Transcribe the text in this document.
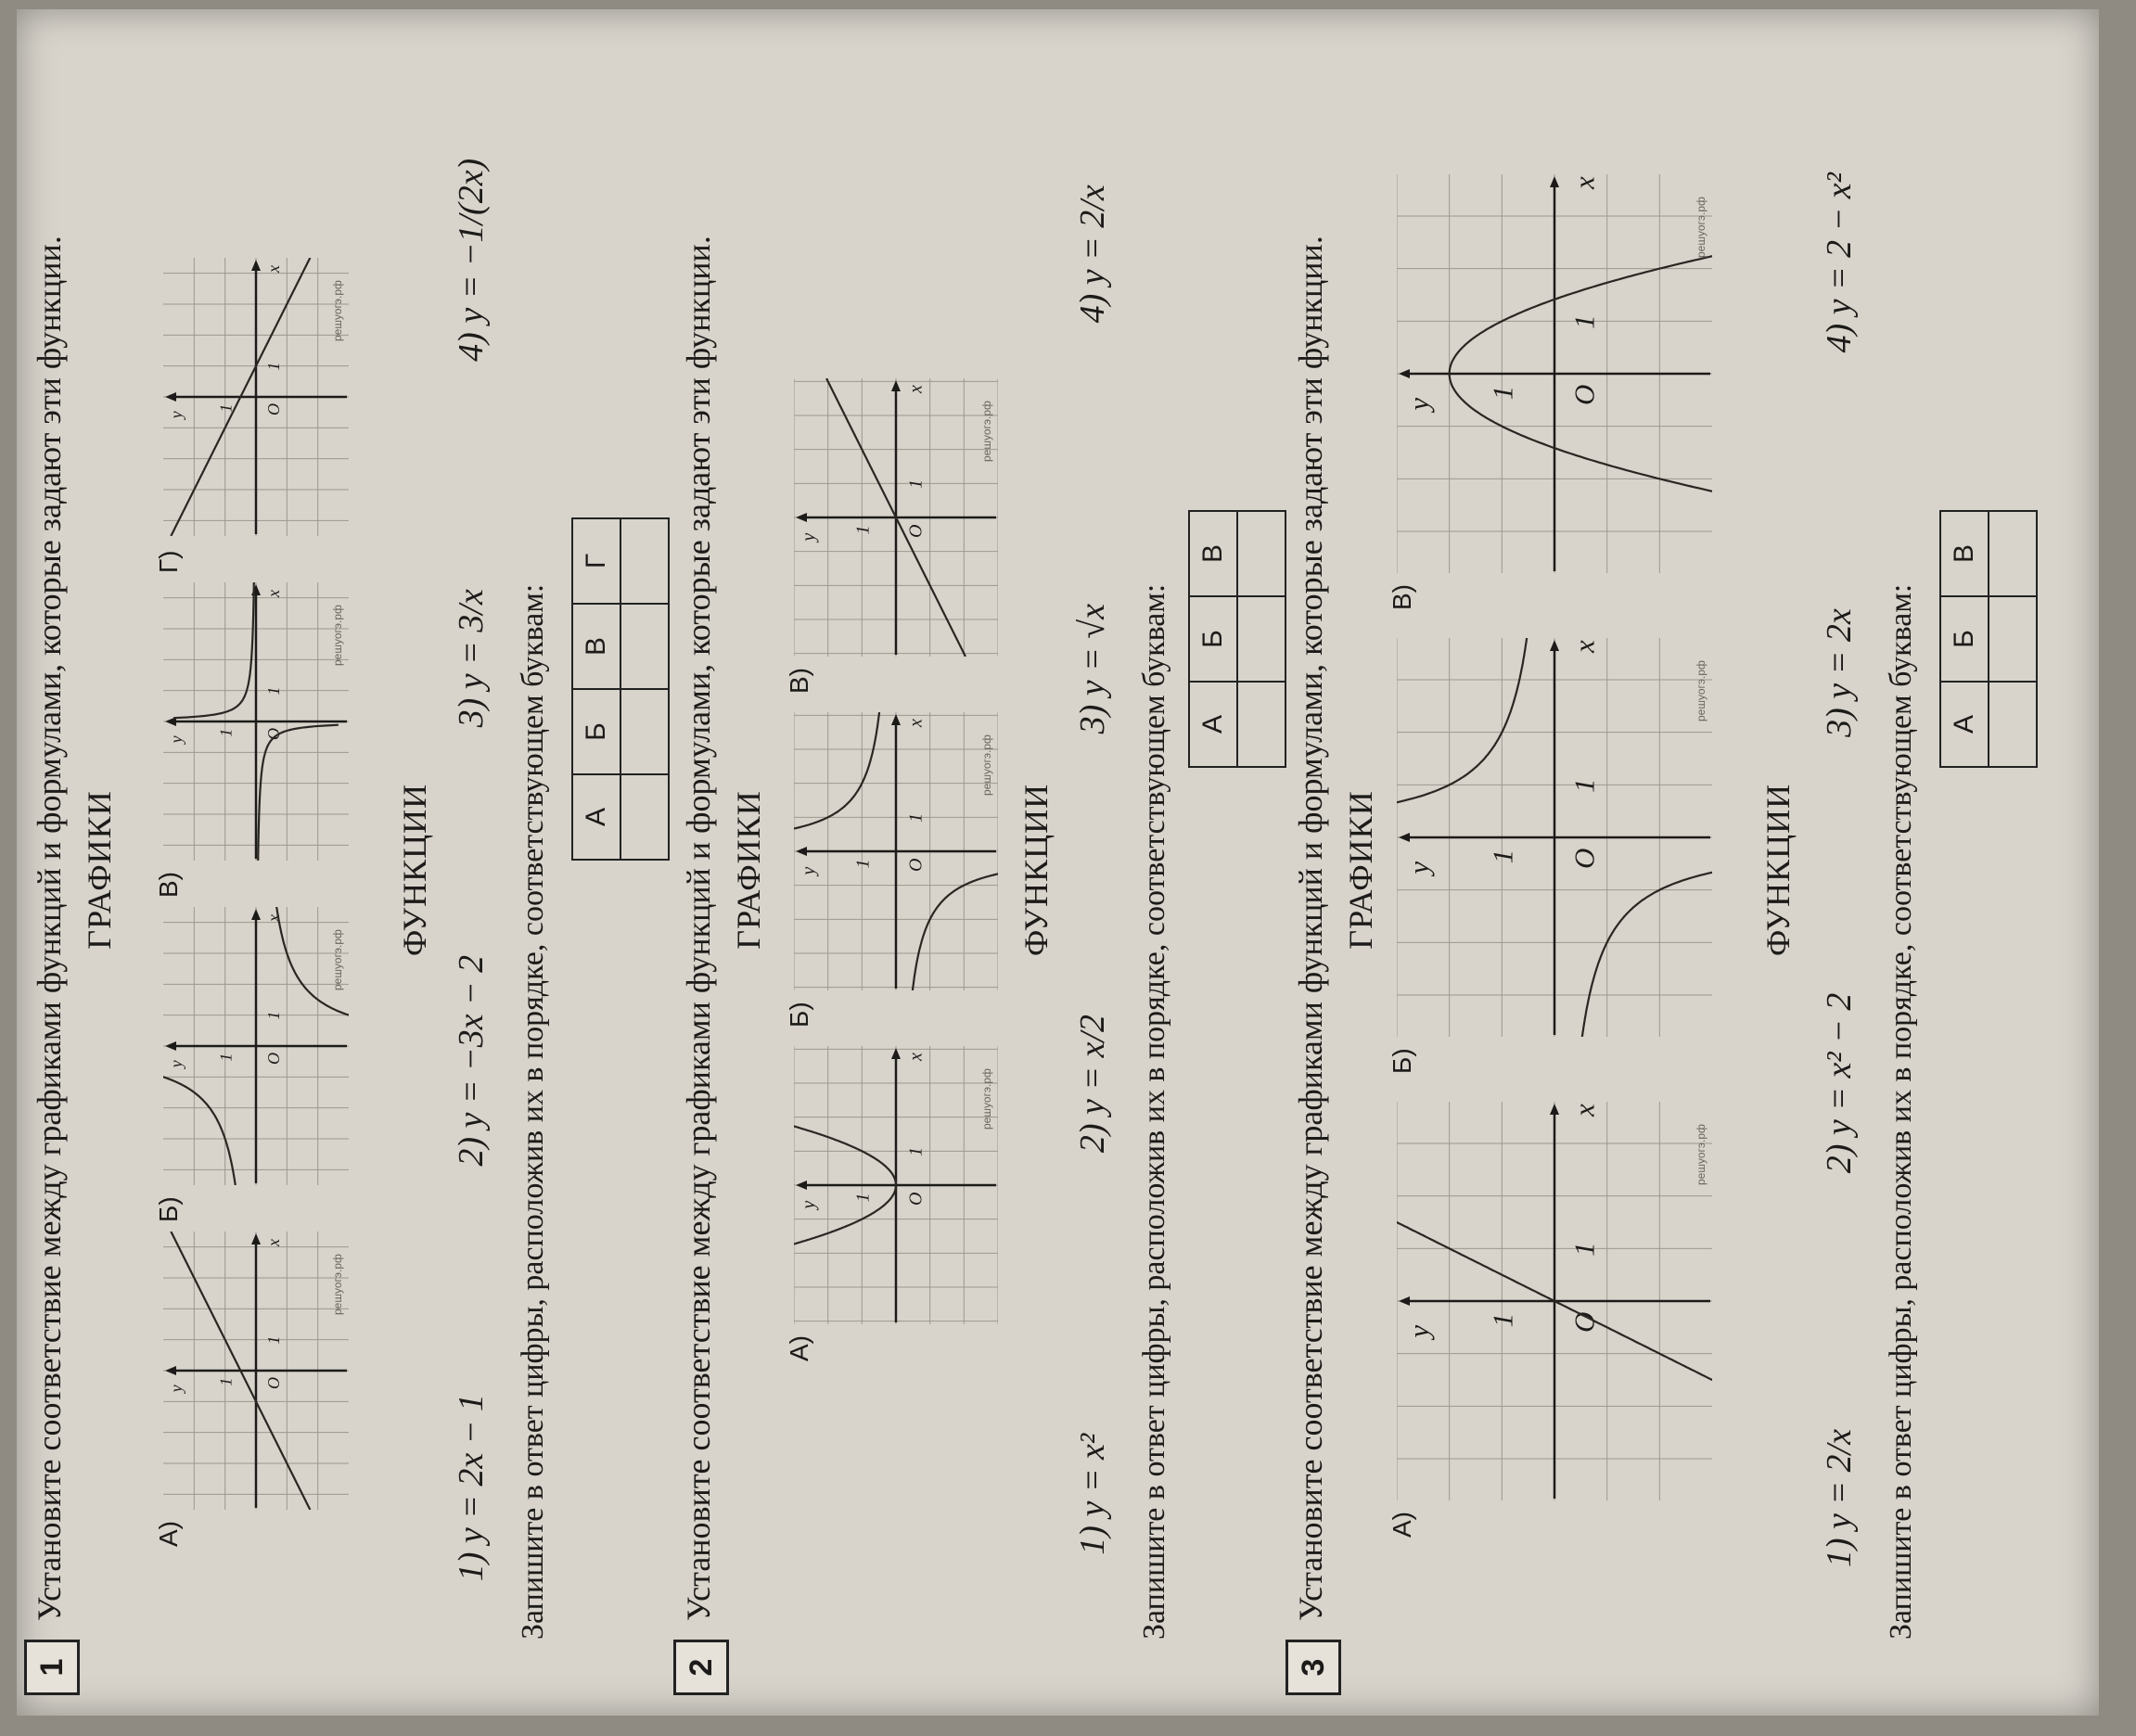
1
Установите соответствие между графиками функций и формулами, которые задают эти функции. ГРАФИКИ	ФУНКЦИИ
1) y = 2x − 1
2) y = −3x − 2
3) y = 3/x
4) y = −1/(2x)
Запишите в ответ цифры, расположив их в порядке, соответствующем буквам: А	Б	В	Г

А)
x
y	O
1
1
решуогэ.рф
Б)
x
y	O
1
1
решуогэ.рф
В)
x
y	O
1
1
решуогэ.рф
Г)
x
y	O
1
1
решуогэ.рф
2
Установите соответствие между графиками функций и формулами, которые задают эти функции. ГРАФИКИ	ФУНКЦИИ
1) y = x²
2) y = x/2
3) y = √x
4) y = 2/x
Запишите в ответ цифры, расположив их в порядке, соответствующем буквам: А	Б	В

А)
x
y	O
1
1
решуогэ.рф
Б)
x
y	O
1
1
решуогэ.рф
В)
x
y	O
1
1
решуогэ.рф
3
Установите соответствие между графиками функций и формулами, которые задают эти функции. ГРАФИКИ	ФУНКЦИИ
1) y = 2/x
2) y = x² − 2
3) y = 2x
4) y = 2 − x²
Запишите в ответ цифры, расположив их в порядке, соответствующем буквам: А	Б	В

А)
x
y	O
1
1
решуогэ.рф
Б)
x
y	O
1
1
решуогэ.рф
В)
x
y	O
1
1
решуогэ.рф
